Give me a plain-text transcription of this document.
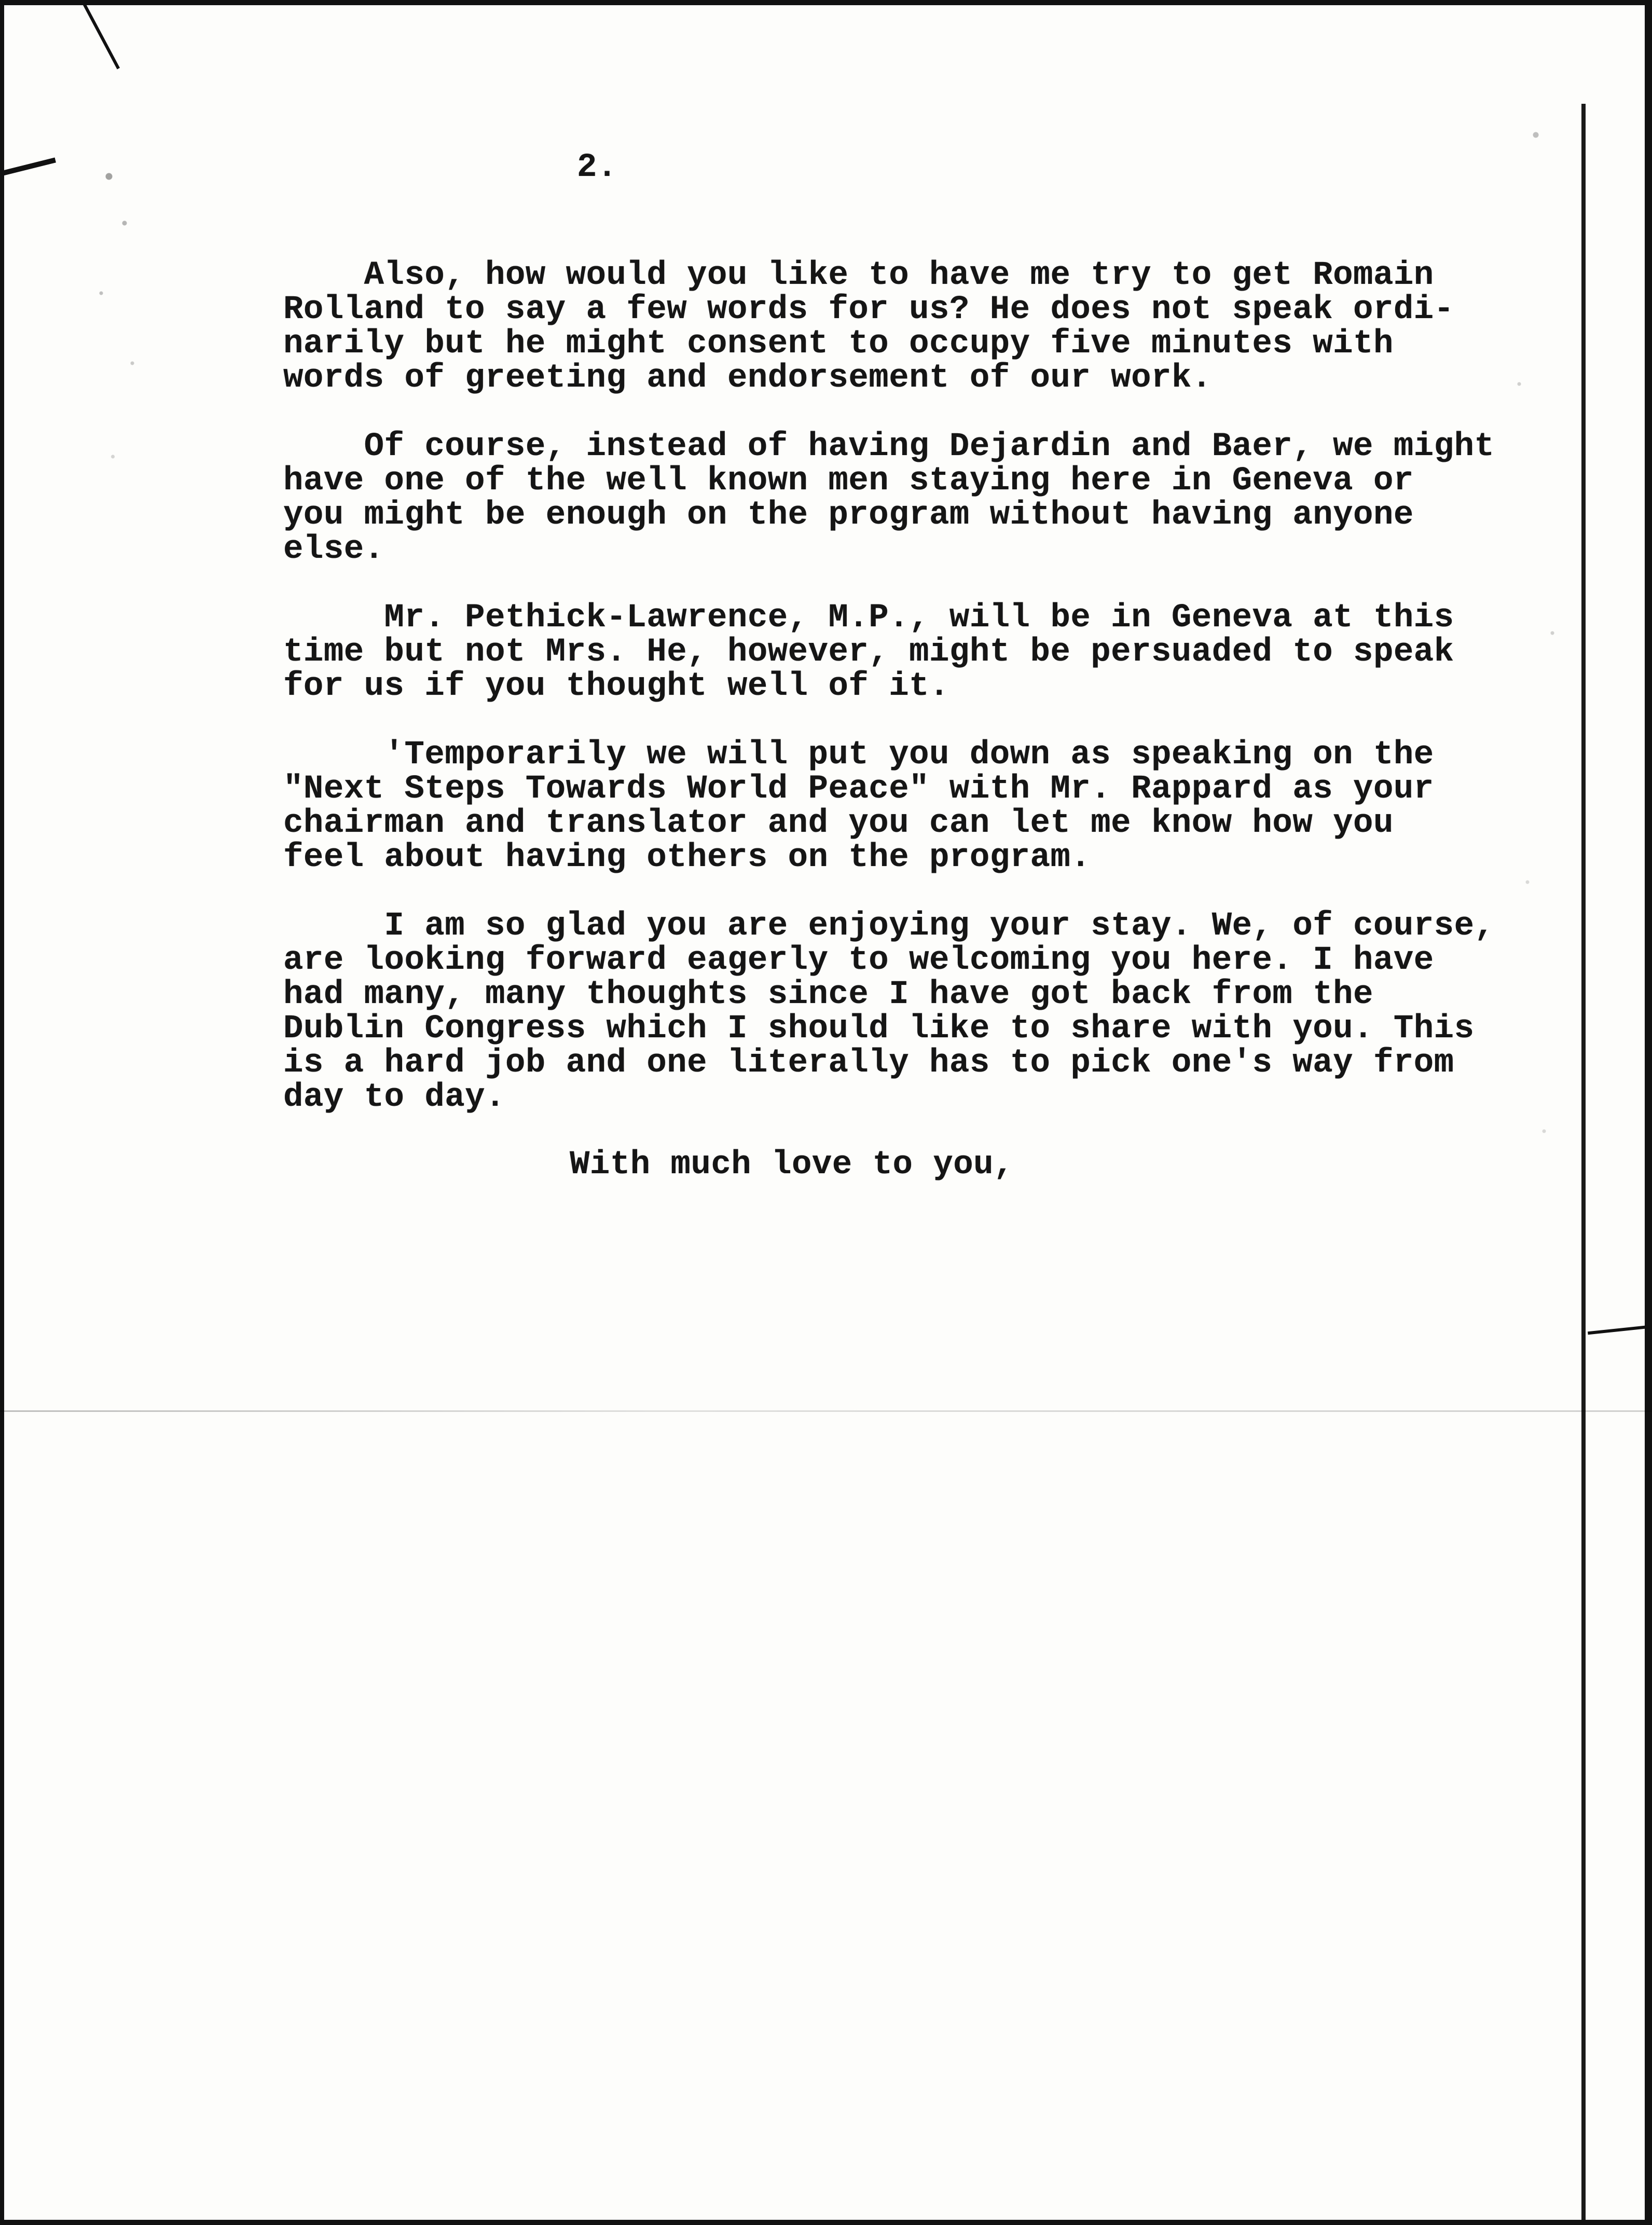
2.

Also, how would you like to have me try to get Romain
Rolland to say a few words for us? He does not speak ordi-
narily but he might consent to occupy five minutes with
words of greeting and endorsement of our work.

Of course, instead of having Dejardin and Baer, we might
have one of the well known men staying here in Geneva or
you might be enough on the program without having anyone
else.

Mr. Pethick-Lawrence, M.P., will be in Geneva at this
time but not Mrs. He, however, might be persuaded to speak
for us if you thought well of it.

'Temporarily we will put you down as speaking on the
"Next Steps Towards World Peace" with Mr. Rappard as your
chairman and translator and you can let me know how you
feel about having others on the program.

I am so glad you are enjoying your stay. We, of course,
are looking forward eagerly to welcoming you here. I have
had many, many thoughts since I have got back from the
Dublin Congress which I should like to share with you. This
is a hard job and one literally has to pick one's way from
day to day.

With much love to you,
